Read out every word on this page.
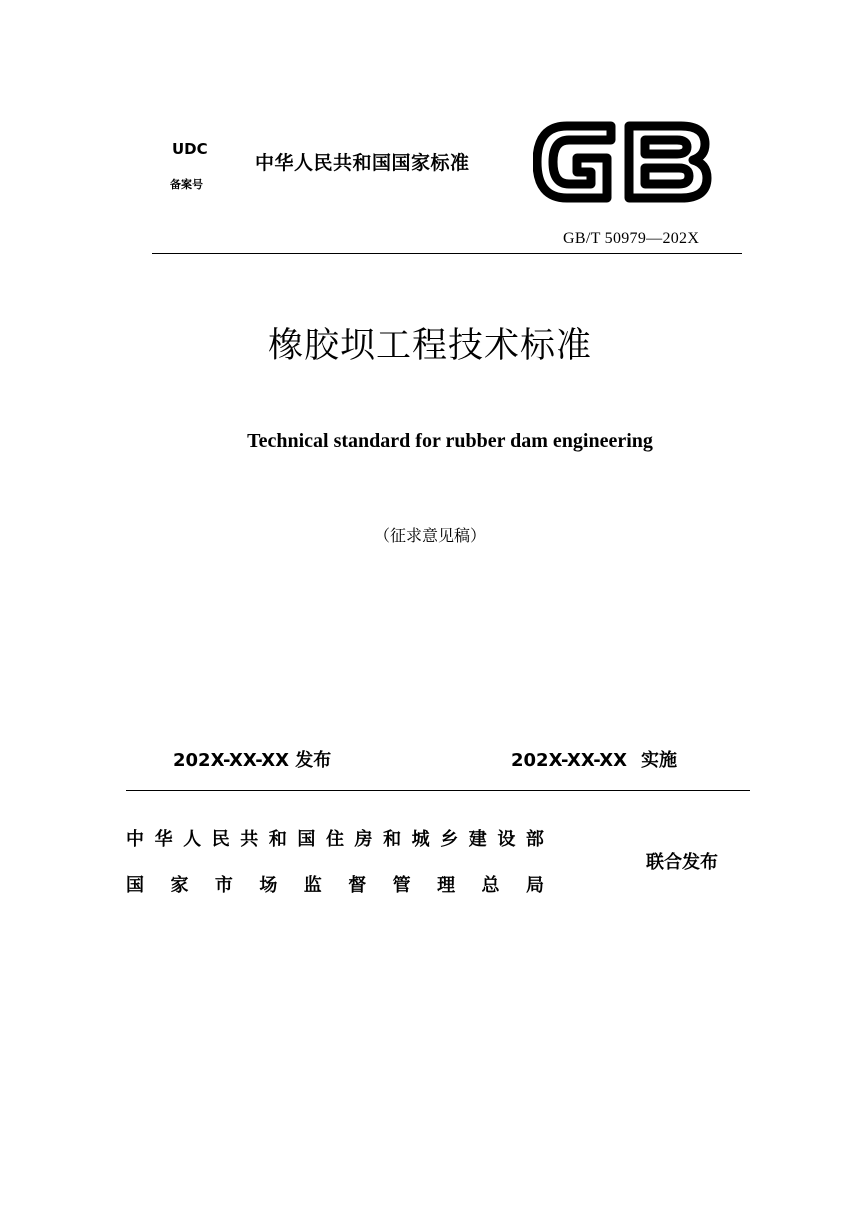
UDC
备案号
中华人民共和国国家标准
GB/T 50979—202X
橡胶坝工程技术标准
Technical standard for rubber dam engineering
（征求意见稿）
202X-XX-XX 发布	202X-XX-XX 实施
中 华 人 民 共 和 国 住 房 和 城 乡 建 设 部
国 家 市 场 监 督 管 理 总 局
联合发布
